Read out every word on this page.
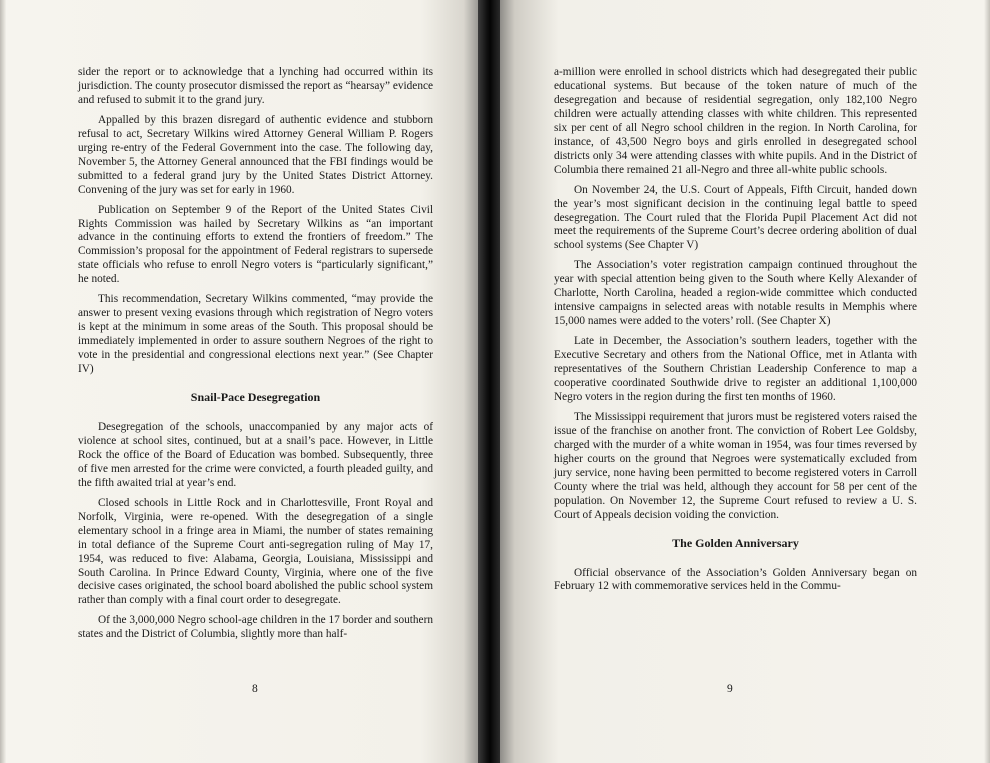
sider the report or to acknowledge that a lynching had occurred within its jurisdiction. The county prosecutor dismissed the report as “hearsay” evidence and refused to submit it to the grand jury.

Appalled by this brazen disregard of authentic evidence and stubborn refusal to act, Secretary Wilkins wired Attorney General William P. Rogers urging re-entry of the Federal Government into the case. The following day, November 5, the Attorney General announced that the FBI findings would be submitted to a federal grand jury by the United States District Attorney. Convening of the jury was set for early in 1960.

Publication on September 9 of the Report of the United States Civil Rights Commission was hailed by Secretary Wilkins as “an important advance in the continuing efforts to extend the frontiers of freedom.” The Commission’s proposal for the appointment of Federal registrars to supersede state officials who refuse to enroll Negro voters is “particularly significant,” he noted.

This recommendation, Secretary Wilkins commented, “may provide the answer to present vexing evasions through which registration of Negro voters is kept at the minimum in some areas of the South. This proposal should be immediately implemented in order to assure southern Negroes of the right to vote in the presidential and congressional elections next year.” (See Chapter IV)

Snail-Pace Desegregation

Desegregation of the schools, unaccompanied by any major acts of violence at school sites, continued, but at a snail’s pace. However, in Little Rock the office of the Board of Education was bombed. Subsequently, three of five men arrested for the crime were convicted, a fourth pleaded guilty, and the fifth awaited trial at year’s end.

Closed schools in Little Rock and in Charlottesville, Front Royal and Norfolk, Virginia, were re-opened. With the desegregation of a single elementary school in a fringe area in Miami, the number of states remaining in total defiance of the Supreme Court anti-segregation ruling of May 17, 1954, was reduced to five: Alabama, Georgia, Louisiana, Mississippi and South Carolina. In Prince Edward County, Virginia, where one of the five decisive cases originated, the school board abolished the public school system rather than comply with a final court order to desegregate.

Of the 3,000,000 Negro school-age children in the 17 border and southern states and the District of Columbia, slightly more than half-

8

a-million were enrolled in school districts which had desegregated their public educational systems. But because of the token nature of much of the desegregation and because of residential segregation, only 182,100 Negro children were actually attending classes with white children. This represented six per cent of all Negro school children in the region. In North Carolina, for instance, of 43,500 Negro boys and girls enrolled in desegregated school districts only 34 were attending classes with white pupils. And in the District of Columbia there remained 21 all-Negro and three all-white public schools.

On November 24, the U.S. Court of Appeals, Fifth Circuit, handed down the year’s most significant decision in the continuing legal battle to speed desegregation. The Court ruled that the Florida Pupil Placement Act did not meet the requirements of the Supreme Court’s decree ordering abolition of dual school systems (See Chapter V)

The Association’s voter registration campaign continued throughout the year with special attention being given to the South where Kelly Alexander of Charlotte, North Carolina, headed a region-wide committee which conducted intensive campaigns in selected areas with notable results in Memphis where 15,000 names were added to the voters’ roll. (See Chapter X)

Late in December, the Association’s southern leaders, together with the Executive Secretary and others from the National Office, met in Atlanta with representatives of the Southern Christian Leadership Conference to map a cooperative coordinated Southwide drive to register an additional 1,100,000 Negro voters in the region during the first ten months of 1960.

The Mississippi requirement that jurors must be registered voters raised the issue of the franchise on another front. The conviction of Robert Lee Goldsby, charged with the murder of a white woman in 1954, was four times reversed by higher courts on the ground that Negroes were systematically excluded from jury service, none having been permitted to become registered voters in Carroll County where the trial was held, although they account for 58 per cent of the population. On November 12, the Supreme Court refused to review a U. S. Court of Appeals decision voiding the conviction.

The Golden Anniversary

Official observance of the Association’s Golden Anniversary began on February 12 with commemorative services held in the Commu-

9
